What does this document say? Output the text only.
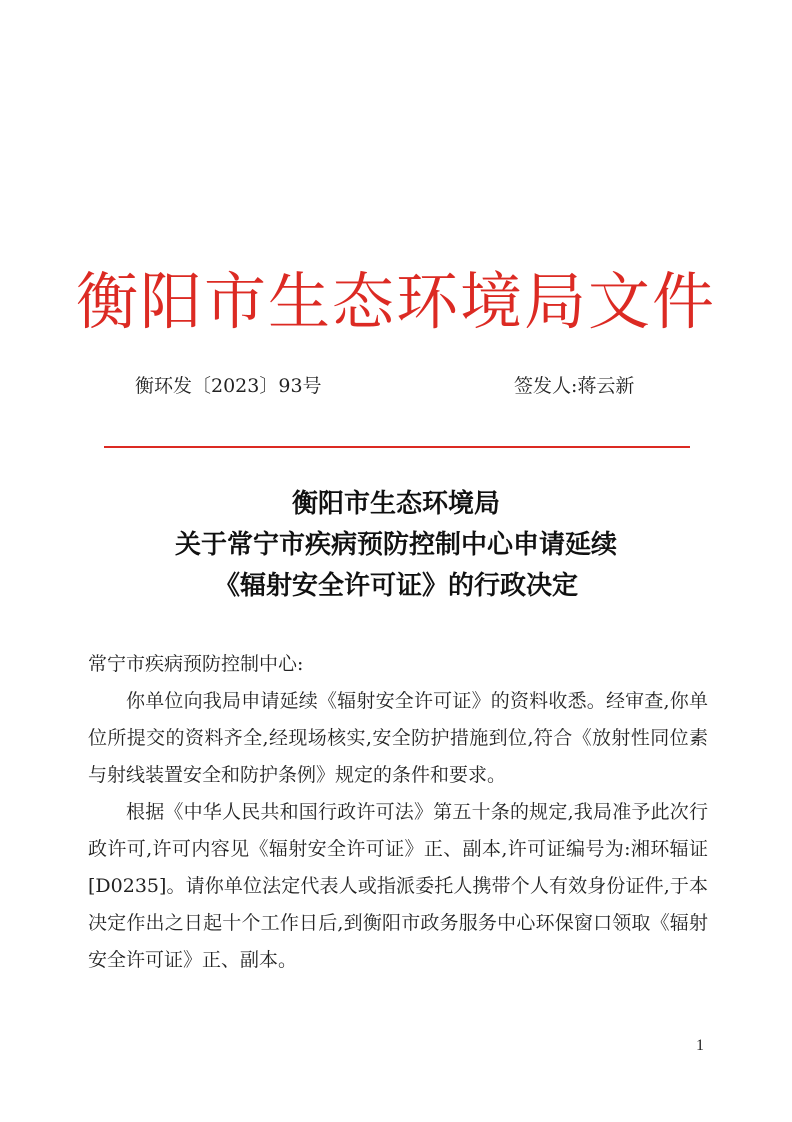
衡阳市生态环境局文件
衡环发〔2023〕93号	签发人:蒋云新
衡阳市生态环境局
关于常宁市疾病预防控制中心申请延续
《辐射安全许可证》的行政决定

常宁市疾病预防控制中心:

你单位向我局申请延续《辐射安全许可证》的资料收悉。经审查,你单位所提交的资料齐全,经现场核实,安全防护措施到位,符合《放射性同位素与射线装置安全和防护条例》规定的条件和要求。

根据《中华人民共和国行政许可法》第五十条的规定,我局准予此次行政许可,许可内容见《辐射安全许可证》正、副本,许可证编号为:湘环辐证[D0235]。请你单位法定代表人或指派委托人携带个人有效身份证件,于本决定作出之日起十个工作日后,到衡阳市政务服务中心环保窗口领取《辐射安全许可证》正、副本。

1
